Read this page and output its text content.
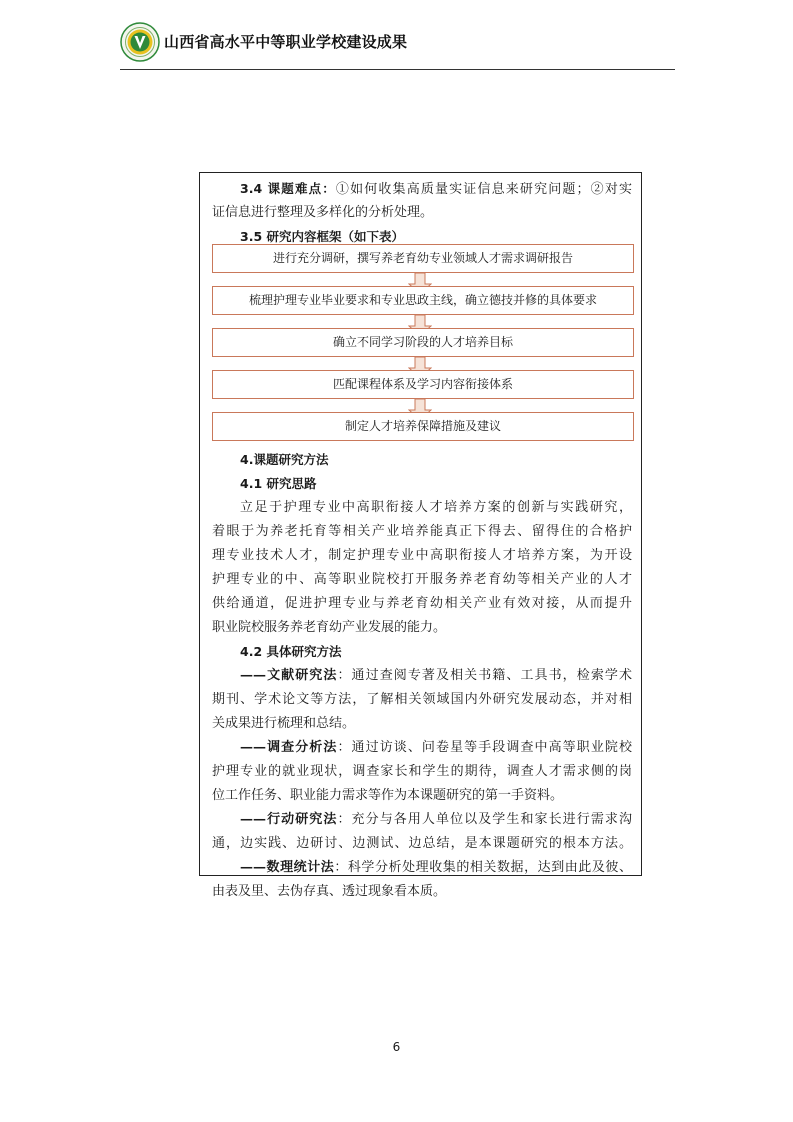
山西省高水平中等职业学校建设成果
3.4 课题难点：①如何收集高质量实证信息来研究问题；②对实
证信息进行整理及多样化的分析处理。
3.5 研究内容框架（如下表）
进行充分调研，撰写养老育幼专业领域人才需求调研报告
梳理护理专业毕业要求和专业思政主线，确立德技并修的具体要求
确立不同学习阶段的人才培养目标
匹配课程体系及学习内容衔接体系
制定人才培养保障措施及建议
4.课题研究方法
4.1 研究思路
立足于护理专业中高职衔接人才培养方案的创新与实践研究，
着眼于为养老托育等相关产业培养能真正下得去、留得住的合格护
理专业技术人才，制定护理专业中高职衔接人才培养方案，为开设
护理专业的中、高等职业院校打开服务养老育幼等相关产业的人才
供给通道，促进护理专业与养老育幼相关产业有效对接，从而提升
职业院校服务养老育幼产业发展的能力。
4.2 具体研究方法
——文献研究法：通过查阅专著及相关书籍、工具书，检索学术
期刊、学术论文等方法，了解相关领域国内外研究发展动态，并对相
关成果进行梳理和总结。
——调查分析法：通过访谈、问卷星等手段调查中高等职业院校
护理专业的就业现状，调查家长和学生的期待，调查人才需求侧的岗
位工作任务、职业能力需求等作为本课题研究的第一手资料。
——行动研究法：充分与各用人单位以及学生和家长进行需求沟
通，边实践、边研讨、边测试、边总结，是本课题研究的根本方法。
——数理统计法：科学分析处理收集的相关数据，达到由此及彼、
由表及里、去伪存真、透过现象看本质。
6
